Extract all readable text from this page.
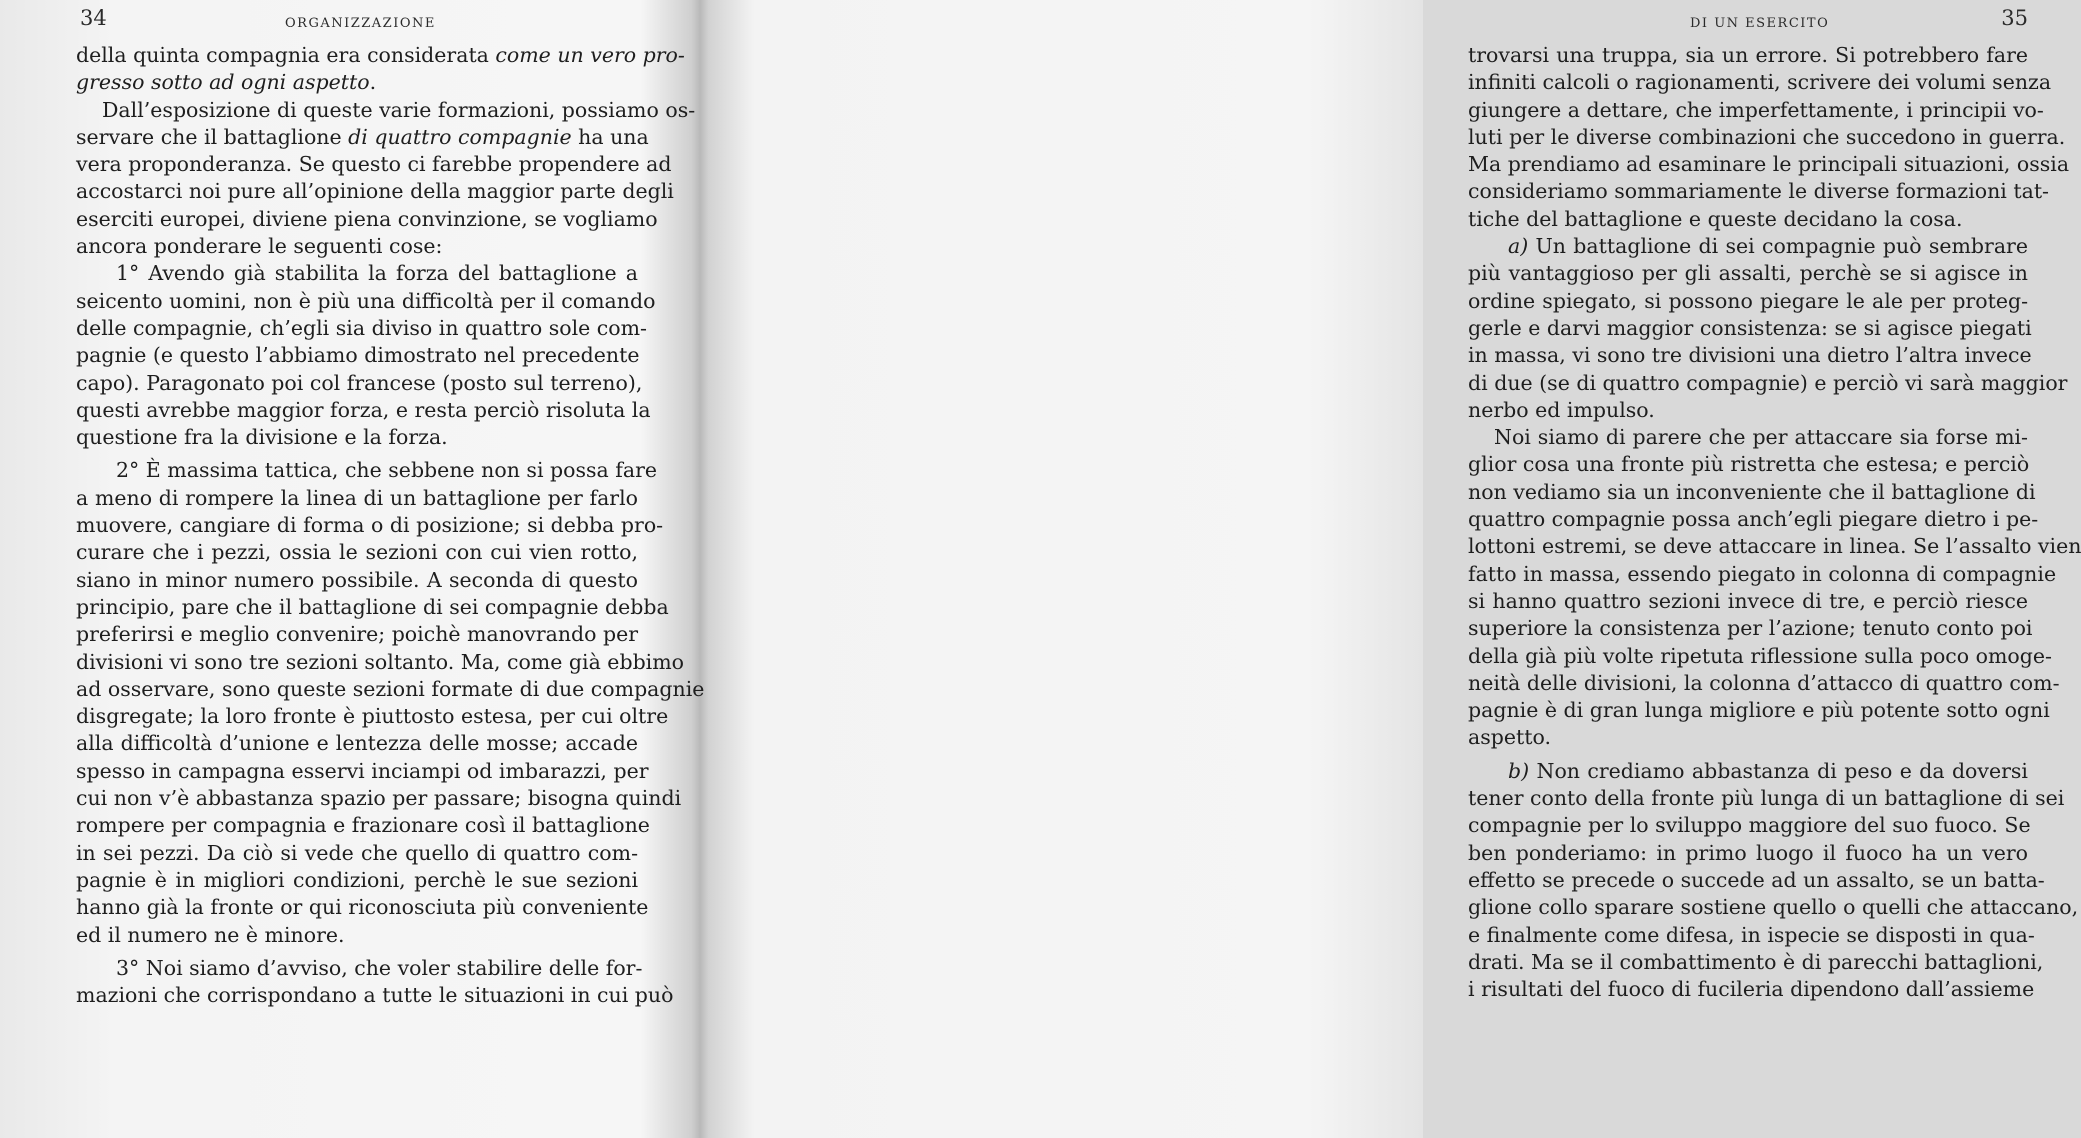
34	ORGANIZZAZIONE
della quinta compagnia era considerata come un vero pro-
gresso sotto ad ogni aspetto.
Dall’esposizione di queste varie formazioni, possiamo os-
servare che il battaglione di quattro compagnie ha una
vera proponderanza. Se questo ci farebbe propendere ad
accostarci noi pure all’opinione della maggior parte degli
eserciti europei, diviene piena convinzione, se vogliamo
ancora ponderare le seguenti cose:
1° Avendo già stabilita la forza del battaglione a
seicento uomini, non è più una difficoltà per il comando
delle compagnie, ch’egli sia diviso in quattro sole com-
pagnie (e questo l’abbiamo dimostrato nel precedente
capo). Paragonato poi col francese (posto sul terreno),
questi avrebbe maggior forza, e resta perciò risoluta la
questione fra la divisione e la forza.
2° È massima tattica, che sebbene non si possa fare
a meno di rompere la linea di un battaglione per farlo
muovere, cangiare di forma o di posizione; si debba pro-
curare che i pezzi, ossia le sezioni con cui vien rotto,
siano in minor numero possibile. A seconda di questo
principio, pare che il battaglione di sei compagnie debba
preferirsi e meglio convenire; poichè manovrando per
divisioni vi sono tre sezioni soltanto. Ma, come già ebbimo
ad osservare, sono queste sezioni formate di due compagnie
disgregate; la loro fronte è piuttosto estesa, per cui oltre
alla difficoltà d’unione e lentezza delle mosse; accade
spesso in campagna esservi inciampi od imbarazzi, per
cui non v’è abbastanza spazio per passare; bisogna quindi
rompere per compagnia e frazionare così il battaglione
in sei pezzi. Da ciò si vede che quello di quattro com-
pagnie è in migliori condizioni, perchè le sue sezioni
hanno già la fronte or qui riconosciuta più conveniente
ed il numero ne è minore.
3° Noi siamo d’avviso, che voler stabilire delle for-
mazioni che corrispondano a tutte le situazioni in cui può
DI UN ESERCITO	35
trovarsi una truppa, sia un errore. Si potrebbero fare
infiniti calcoli o ragionamenti, scrivere dei volumi senza
giungere a dettare, che imperfettamente, i principii vo-
luti per le diverse combinazioni che succedono in guerra.
Ma prendiamo ad esaminare le principali situazioni, ossia
consideriamo sommariamente le diverse formazioni tat-
tiche del battaglione e queste decidano la cosa.
a) Un battaglione di sei compagnie può sembrare
più vantaggioso per gli assalti, perchè se si agisce in
ordine spiegato, si possono piegare le ale per proteg-
gerle e darvi maggior consistenza: se si agisce piegati
in massa, vi sono tre divisioni una dietro l’altra invece
di due (se di quattro compagnie) e perciò vi sarà maggior
nerbo ed impulso.
Noi siamo di parere che per attaccare sia forse mi-
glior cosa una fronte più ristretta che estesa; e perciò
non vediamo sia un inconveniente che il battaglione di
quattro compagnie possa anch’egli piegare dietro i pe-
lottoni estremi, se deve attaccare in linea. Se l’assalto vien
fatto in massa, essendo piegato in colonna di compagnie
si hanno quattro sezioni invece di tre, e perciò riesce
superiore la consistenza per l’azione; tenuto conto poi
della già più volte ripetuta riflessione sulla poco omoge-
neità delle divisioni, la colonna d’attacco di quattro com-
pagnie è di gran lunga migliore e più potente sotto ogni
aspetto.
b) Non crediamo abbastanza di peso e da doversi
tener conto della fronte più lunga di un battaglione di sei
compagnie per lo sviluppo maggiore del suo fuoco. Se
ben ponderiamo: in primo luogo il fuoco ha un vero
effetto se precede o succede ad un assalto, se un batta-
glione collo sparare sostiene quello o quelli che attaccano,
e finalmente come difesa, in ispecie se disposti in qua-
drati. Ma se il combattimento è di parecchi battaglioni,
i risultati del fuoco di fucileria dipendono dall’assieme
